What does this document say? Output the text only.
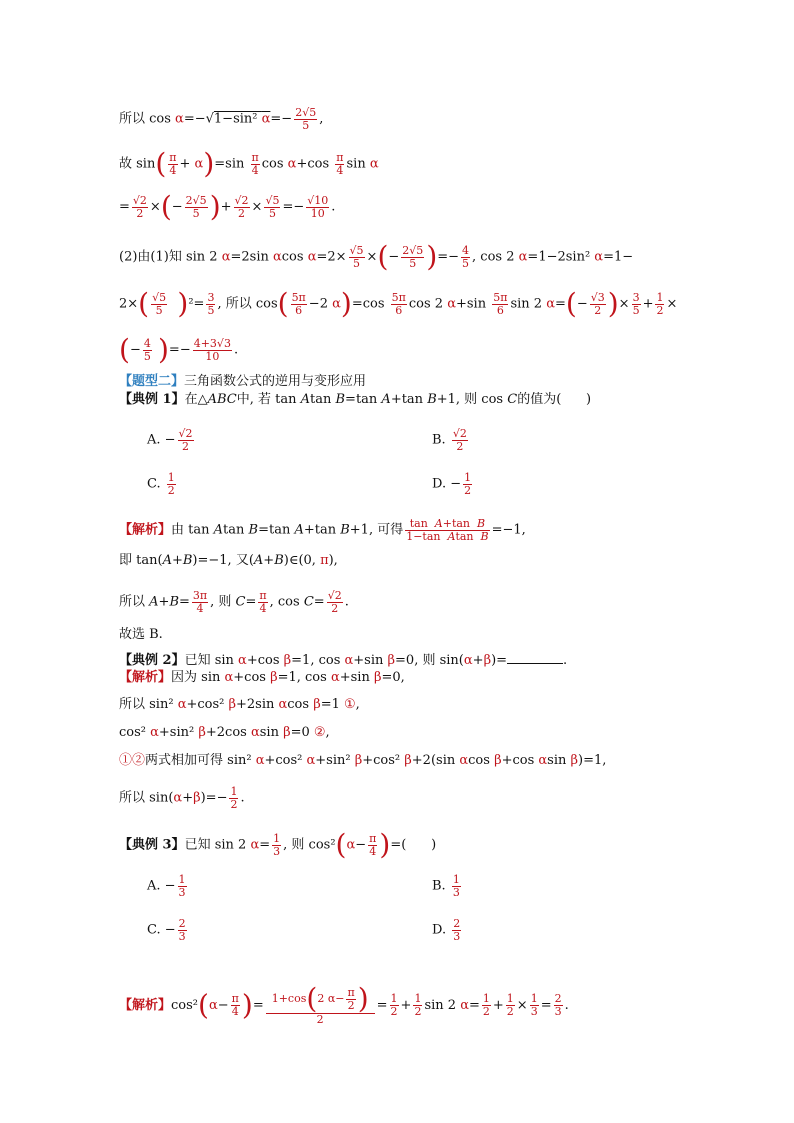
所以 cos α=−√1−sin² $\alpha=- \frac{2√5}{5}$ ,
故 $\sin( \frac{\pi}{4} + \alpha)=\sin \frac{\pi}{4}$ $\cos \alpha+\cos \frac{\pi}{4}$ sin α
= $\frac{√2}{2}$ ×(− $\frac{2√5}{5}$ )+ $\frac{√2}{2} \times \frac{√5}{5} =- \frac{√10}{10}$ .
(2)由(1)知 sin 2 α=2sin αcos $\alpha=2\times \frac{√5}{5}$ ×(− $\frac{2√5}{5}$ )=− $\frac{4}{5}$ , cos 2 α=1−2sin² α=1−
$2\times( \frac{√5}{5} )^2= \frac{3}{5}$ , 所以 $\cos( \frac{5\pi}{6} -2$ $\alpha)=\cos \frac{5\pi}{6}$ cos 2 $\alpha+\sin \frac{5\pi}{6}$ sin 2 $\alpha=(- \frac{√3}{2}$ )× $\frac{3}{5} + \frac{1}{2}$ ×
(− $\frac{4}{5}$ )=− $\frac{4+3√3}{10}$ .
【题型二】三角函数公式的逆用与变形应用
【典例 1】在△ABC中, 若 tan Atan B=tan A+tan B+1, 则 cos C的值为(      )
A. − $\frac{√2}{2}$	B. $\frac{√2}{2}$
C. $\frac{1}{2}$	D. − $\frac{1}{2}$
【解析】由 tan Atan B=tan A+tan B+1, 可得 $\frac{\text{tan  A+tan  B}}{\text{1−tan  Atan  B}} =-1$,
即 tan(A+B)=−1, 又(A+B)∈(0, π),
所以 $A+B= \frac{3\pi}{4}$ , 则 $C= \frac{\pi}{4}$ , $\cos C= \frac{√2}{2}$ .
故选 B.
【典例 2】已知 sin α+cos β=1, cos α+sin β=0, 则 sin(α+β)=	.
【解析】因为 sin α+cos β=1, cos α+sin β=0,
所以 sin² α+cos² β+2sin αcos β=1 ①,
cos² α+sin² β+2cos αsin β=0 ②,
①②两式相加可得 sin² α+cos² α+sin² β+cos² β+2(sin αcos β+cos αsin β)=1,
所以 $\sin(\alpha+\beta)=- \frac{1}{2}$ .
【典例 3】已知 sin 2 $\alpha= \frac{1}{3}$ , 则 $\cos^2(\alpha- \frac{\pi}{4}$ )=(      )
A. − $\frac{1}{3}$	B. $\frac{1}{3}$
C. − $\frac{2}{3}$	D. $\frac{2}{3}$
【解析】$\cos^2(\alpha- \frac{\pi}{4}$ )= $\frac{1+\cos(2 \alpha- \frac{\pi}{2} )}{2} = \frac{1}{2} + \frac{1}{2}$ sin 2 $\alpha= \frac{1}{2} + \frac{1}{2} \times \frac{1}{3} = \frac{2}{3}$ .
